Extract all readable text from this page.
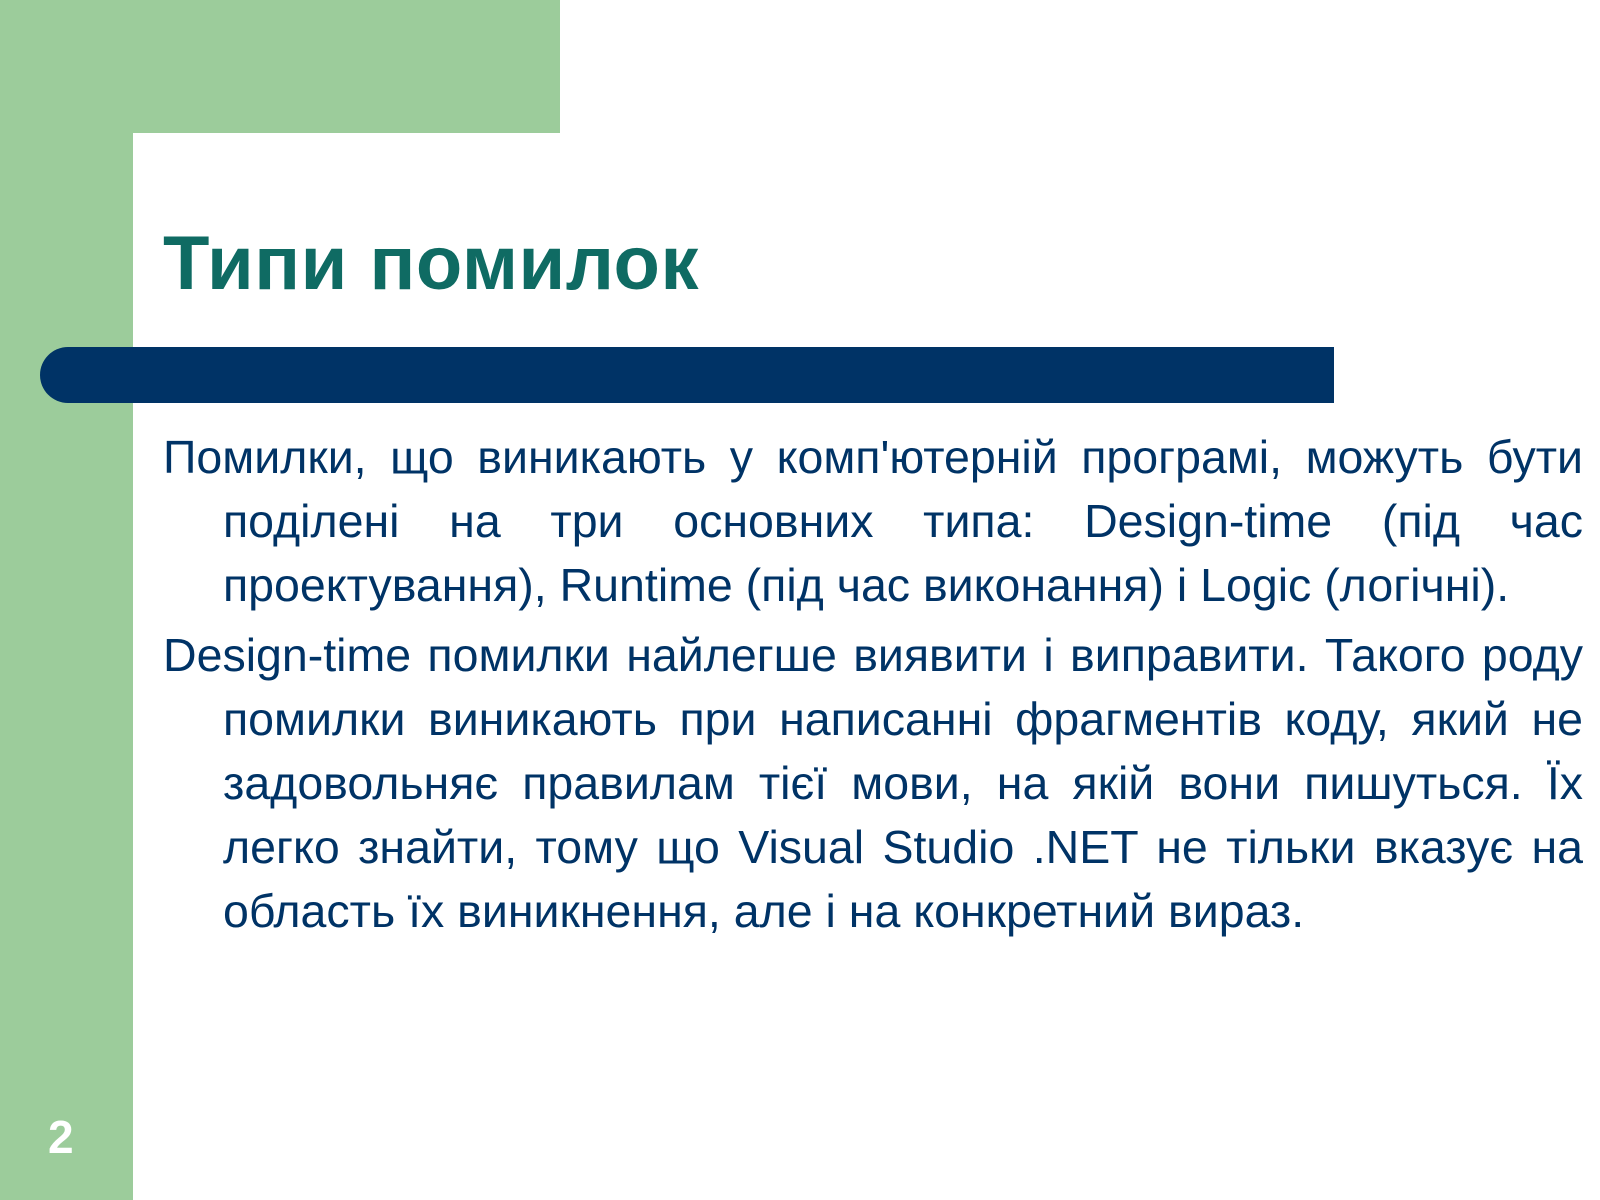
Типи помилок

Помилки, що виникають у комп'ютерній програмі, можуть бути поділені на три основних типа: Design-time (під час проектування), Runtime (під час виконання) і Logic (логічні).

Design-time помилки найлегше виявити і виправити. Такого роду помилки виникають при написанні фрагментів коду, який не задовольняє правилам тієї мови, на якій вони пишуться. Їх легко знайти, тому що Visual Studio .NET не тільки вказує на область їх виникнення, але і на конкретний вираз.

2
